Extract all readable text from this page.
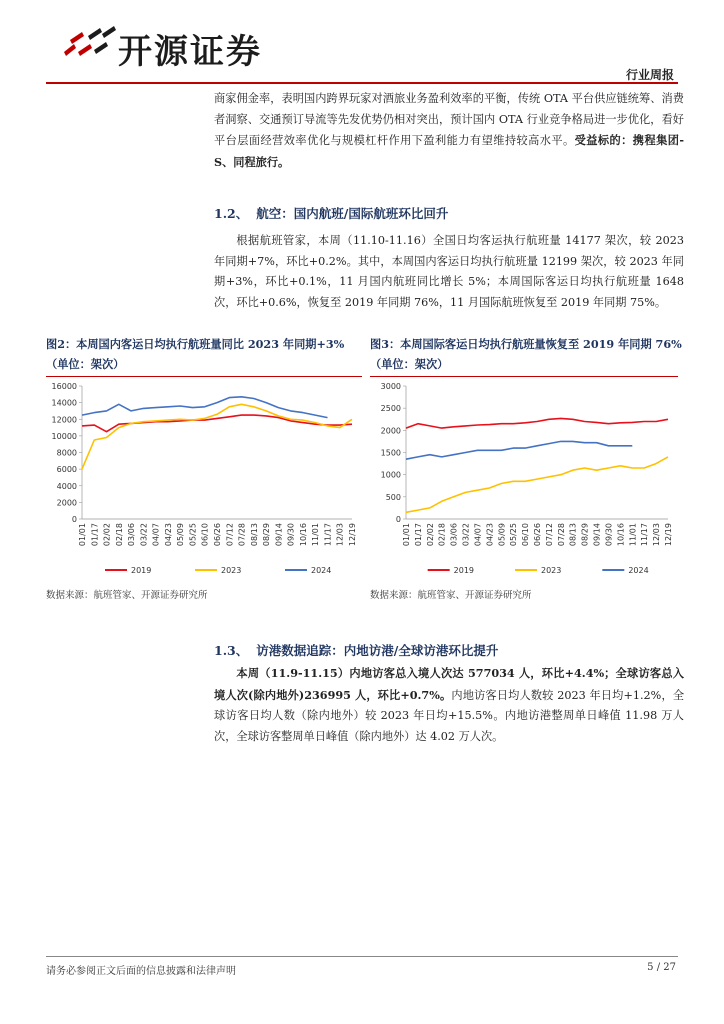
开源证券
行业周报
商家佣金率，表明国内跨界玩家对酒旅业务盈利效率的平衡，传统 OTA 平台供应链统筹、消费者洞察、交通预订导流等先发优势仍相对突出，预计国内 OTA 行业竞争格局进一步优化，看好平台层面经营效率优化与规模杠杆作用下盈利能力有望维持较高水平。受益标的：携程集团-S、同程旅行。
1.2、 航空：国内航班/国际航班环比回升
根据航班管家，本周（11.10-11.16）全国日均客运执行航班量 14177 架次，较 2023 年同期+7%，环比+0.2%。其中，本周国内客运日均执行航班量 12199 架次，较 2023 年同期+3%，环比+0.1%，11 月国内航班同比增长 5%；本周国际客运日均执行航班量 1648 次，环比+0.6%，恢复至 2019 年同期 76%，11 月国际航班恢复至 2019 年同期 75%。
图2：本周国内客运日均执行航班量同比 2023 年同期+3%（单位：架次）
0
2000
4000
6000
8000
10000
12000
14000
16000
01/01 01/17 02/02 02/18 03/06 03/22 04/07 04/23 05/09 05/25 06/10 06/26 07/12 07/28 08/13 08/29 09/14 09/30 10/16 11/01 11/17 12/03 12/19
2019	2023	2024
数据来源：航班管家、开源证券研究所
图3：本周国际客运日均执行航班量恢复至 2019 年同期 76%（单位：架次）
0
500
1000
1500
2000
2500
3000
01/01 01/17 02/02 02/18 03/06 03/22 04/07 04/23 05/09 05/25 06/10 06/26 07/12 07/28 08/13 08/29 09/14 09/30 10/16 11/01 11/17 12/03 12/19
2019	2023	2024
数据来源：航班管家、开源证券研究所
1.3、 访港数据追踪：内地访港/全球访港环比提升
本周（11.9-11.15）内地访客总入境人次达 577034 人，环比+4.4%；全球访客总入境人次(除内地外)236995 人，环比+0.7%。内地访客日均人数较 2023 年日均+1.2%，全球访客日均人数（除内地外）较 2023 年日均+15.5%。内地访港整周单日峰值 11.98 万人次，全球访客整周单日峰值（除内地外）达 4.02 万人次。
请务必参阅正文后面的信息披露和法律声明	5 / 27
